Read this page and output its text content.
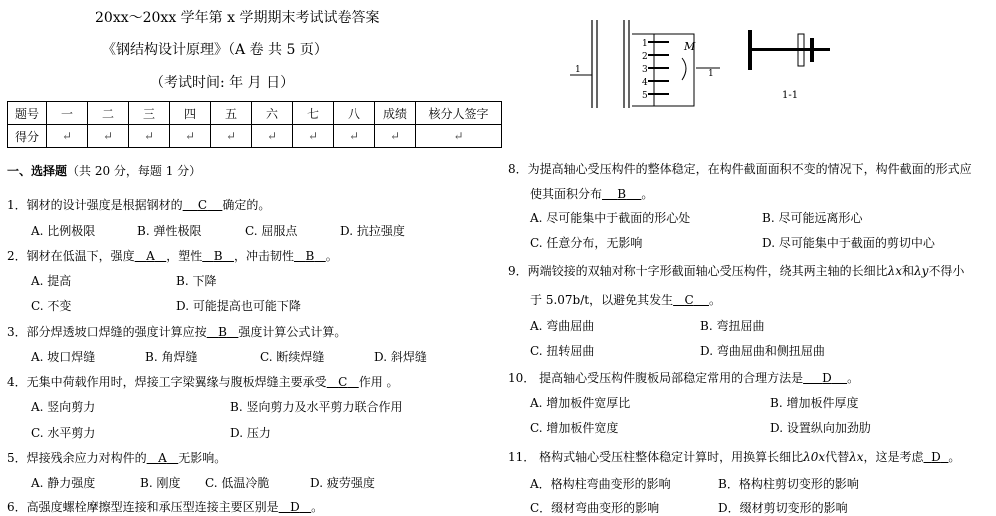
20xx～20xx 学年第 x 学期期末考试试卷答案
《钢结构设计原理》（A 卷 共 5 页）
（考试时间: 年 月 日）
题号	一	二	三	四	五	六	七	八	成绩	核分人签字
得分	↵	↵	↵	↵	↵	↵	↵	↵	↵	↵
一、选择题（共 20 分，每题 1 分）
1．钢材的设计强度是根据钢材的 C 确定的。
A. 比例极限	B. 弹性极限	C. 屈服点	D. 抗拉强度
2．钢材在低温下，强度 A ，塑性 B ，冲击韧性 B 。
A. 提高	B. 下降
C. 不变	D. 可能提高也可能下降
3．部分焊透坡口焊缝的强度计算应按 B 强度计算公式计算。
A. 坡口焊缝	B. 角焊缝	C. 断续焊缝	D. 斜焊缝
4．无集中荷载作用时，焊接工字梁翼缘与腹板焊缝主要承受 C 作用 。
A. 竖向剪力	B. 竖向剪力及水平剪力联合作用
C. 水平剪力	D. 压力
5．焊接残余应力对构件的 A 无影响。
A. 静力强度	B. 刚度 C. 低温冷脆	D. 疲劳强度
6．高强度螺栓摩擦型连接和承压型连接主要区别是 D 。
1
2
3
4
5
M
1	1
1-1
8．为提高轴心受压构件的整体稳定，在构件截面面积不变的情况下，构件截面的形式应
使其面积分布 B 。
A. 尽可能集中于截面的形心处	B. 尽可能远离形心
C. 任意分布，无影响	D. 尽可能集中于截面的剪切中心
9．两端铰接的双轴对称十字形截面轴心受压构件，绕其两主轴的长细比λx和λy不得小
于 5.07b/t，以避免其发生 C 。
A. 弯曲屈曲	B. 弯扭屈曲
C. 扭转屈曲	D. 弯曲屈曲和侧扭屈曲
10． 提高轴心受压构件腹板局部稳定常用的合理方法是 D 。
A. 增加板件宽厚比	B. 增加板件厚度
C. 增加板件宽度	D. 设置纵向加劲肋
11． 格构式轴心受压柱整体稳定计算时，用换算长细比λ0x代替λx，这是考虑 D 。
A．格构柱弯曲变形的影响	B．格构柱剪切变形的影响
C．缀材弯曲变形的影响	D．缀材剪切变形的影响
